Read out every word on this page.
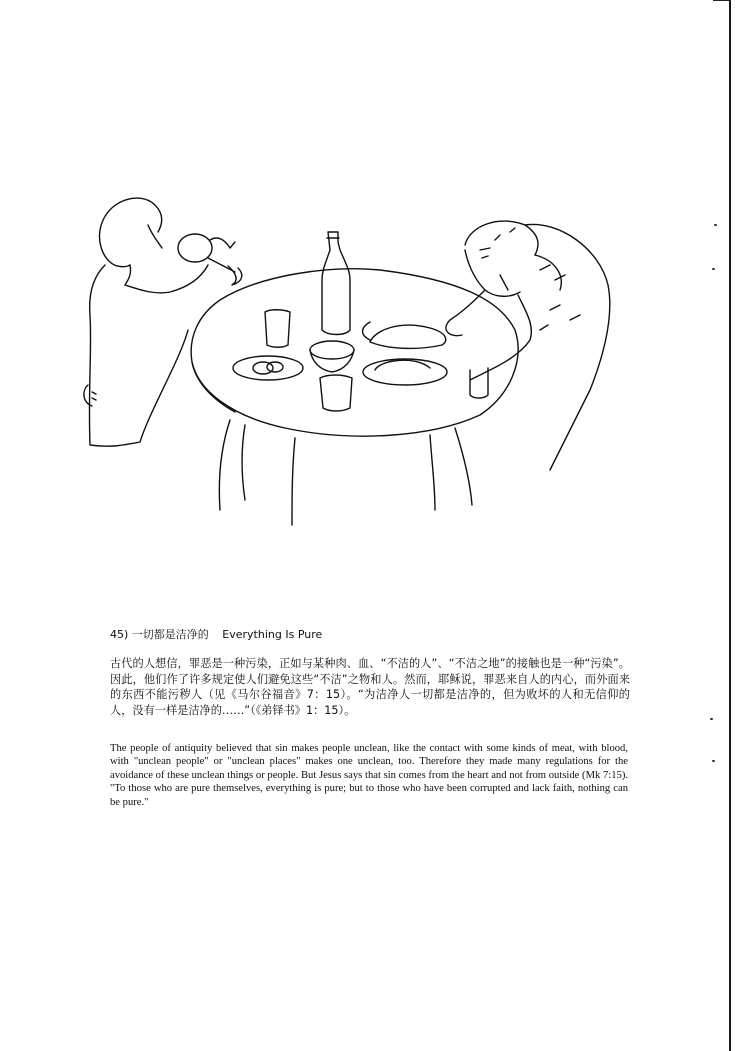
45) 一切都是洁净的 Everything Is Pure
古代的人想信，罪恶是一种污染，正如与某种肉、血、“不洁的人”、“不洁之地”的接触也是一种“污染”。因此，他们作了许多规定使人们避免这些“不洁”之物和人。然而，耶稣说，罪恶来自人的内心，而外面来的东西不能污秽人（见《马尔谷福音》7：15）。“为洁净人一切都是洁净的，但为败坏的人和无信仰的人，没有一样是洁净的……”（《弟铎书》1：15）。
The people of antiquity believed that sin makes people unclean, like the contact with some kinds of meat, with blood, with "unclean people" or "unclean places" makes one unclean, too. Therefore they made many regulations for the avoidance of these unclean things or people. But Jesus says that sin comes from the heart and not from outside (Mk 7:15). "To those who are pure themselves, everything is pure; but to those who have been corrupted and lack faith, nothing can be pure."
